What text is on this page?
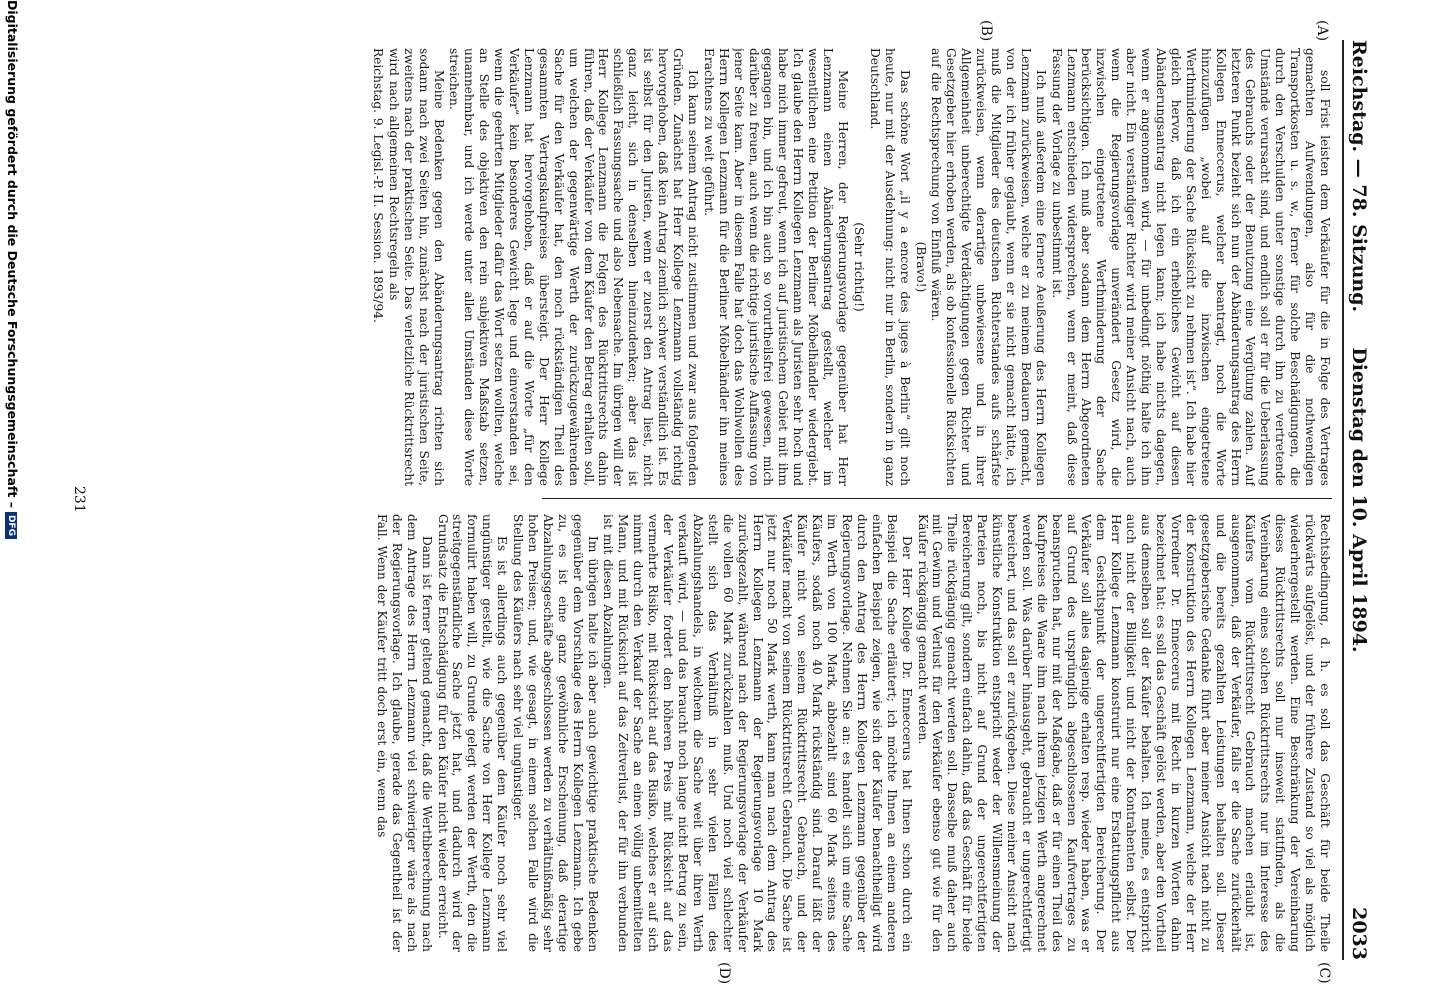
Reichstag. — 78. Sitzung.
Dienstag den 10. April 1894.
2033
(A)
(B)
(C)
(D)

soll Frist leisten dem Verkäufer für die in Folge des Vertrages gemachten Aufwendungen, also für die nothwendigen Transportkosten u. s. w., ferner für solche Beschädigungen, die durch den Verschulden unter sonstige durch ihn zu vertretende Umstände verursacht sind, und endlich soll er für die Ueberlassung des Gebrauchs oder der Benutzung eine Vergütung zahlen. Auf letzteren Punkt bezieht sich nun der Abänderungsantrag des Herrn Kollegen Enneccerus, welcher beantragt, noch die Worte hinzuzufügen „wobei auf die inzwischen eingetretene Werthminderung der Sache Rücksicht zu nehmen ist“. Ich habe hier gleich hervor, daß ich ein erhebliches Gewicht auf diesen Abänderungsantrag nicht legen kann; ich habe nichts dagegen, wenn er angenommen wird, — für unbedingt nöthig halte ich ihn aber nicht. Ein verständiger Richter wird meiner Ansicht nach, auch wenn die Regierungsvorlage unverändert Gesetz wird, die inzwischen eingetretene Werthminderung der Sache berücksichtigen. Ich muß aber sodann dem Herrn Abgeordneten Lenzmann entschieden widersprechen, wenn er meint, daß diese Fassung der Vorlage zu unbestimmt ist.

Ich muß außerdem eine fernere Aeußerung des Herrn Kollegen Lenzmann zurückweisen, welche er zu meinem Bedauern gemacht, von der ich früher geglaubt, wenn er sie nicht gemacht hätte, ich muß die Mitglieder des deutschen Richterstandes aufs schärfste zurückweisen, wenn derartige unbewiesene und in ihrer Allgemeinheit unberechtigte Verdächtigungen gegen Richter und Gesetzgeber hier erhoben werden, als ob konfessionelle Rücksichten auf die Rechtsprechung von Einfluß wären.

(Bravo!)

Das schöne Wort „il y a encore des juges à Berlin“ gilt noch heute, nur mit der Ausdehnung: nicht nur in Berlin, sondern in ganz Deutschland.

(Sehr richtig!)

Meine Herren, der Regierungsvorlage gegenüber hat Herr Lenzmann einen Abänderungsantrag gestellt, welcher im wesentlichen eine Petition der Berliner Möbelhändler wiedergiebt. Ich glaube den Herrn Kollegen Lenzmann als Juristen sehr hoch und habe mich immer gefreut, wenn ich auf juristischem Gebiet mit ihm gegangen bin, und ich bin auch so vorurtheilsfrei gewesen, mich darüber zu freuen, auch wenn die richtige juristische Auffassung von jener Seite kam. Aber in diesem Falle hat doch das Wohlwollen des Herrn Kollegen Lenzmann für die Berliner Möbelhändler ihn meines Erachtens zu weit geführt.

Ich kann seinem Antrag nicht zustimmen und zwar aus folgenden Gründen. Zunächst hat Herr Kollege Lenzmann vollständig richtig hervorgehoben, daß kein Antrag ziemlich schwer verständlich ist. Es ist selbst für den Juristen, wenn er zuerst den Antrag liest, nicht ganz leicht, sich in denselben hineinzudenken; aber das ist schließlich Fassungssache und also Nebensache. Im übrigen will der Herr Kollege Lenzmann die Folgen des Rücktrittsrechts dahin führen, daß der Verkäufer von dem Käufer den Betrag erhalten soll, um welchen der gegenwärtige Werth der zurückzugewährenden Sache für den Verkäufer hat, den noch rückständigen Theil des gesammten Vertragskaufpreises übersteigt. Der Herr Kollege Lenzmann hat hervorgehoben, daß er auf die Worte „für den Verkäufer“ kein besonderes Gewicht lege und einverstanden sei, wenn die geehrten Mitglieder dafür das Wort setzen wollten, welche an Stelle des objektiven den rein subjektiven Maßstab setzen, unannehmbar, und ich werde unter allen Umständen diese Worte streichen.

Meine Bedenken gegen den Abänderungsantrag richten sich sodann nach zwei Seiten hin, zunächst nach der juristischen Seite, zweitens nach der praktischen Seite. Das verletzliche Rücktrittsrecht wird nach allgemeinen Rechtsregeln als

Reichstag. 9. Legisl.-P. II. Session. 1893/94.

Rechtsbedingung, d. h. es soll das Geschäft für beide Theile rückwärts aufgelöst, und der frühere Zustand so viel als möglich wiederhergestellt werden. Eine Beschränkung der Vereinbarung dieses Rücktrittsrechts soll nur insoweit stattfinden, als die Vereinbarung eines solchen Rücktrittsrechts nur im Interesse des Käufers vom Rücktrittsrecht Gebrauch machen erlaubt ist, ausgenommen, daß der Verkäufer, falls er die Sache zurückerhält und die bereits gezahlten Leistungen behalten soll. Dieser gesetzgeberische Gedanke führt aber meiner Ansicht nach nicht zu der Konstruktion des Herrn Kollegen Lenzmann, welche der Herr Vorredner Dr. Enneccerus mit Recht in kurzen Worten dahin bezeichnet hat: es soll das Geschäft gelöst werden, aber den Vortheil aus demselben soll der Käufer behalten. Ich meine, es entspricht auch nicht der Billigkeit und nicht der Kontrahenten selbst. Der Herr Kollege Lenzmann konstruirt nur eine Erstattungspflicht aus dem Gesichtspunkt der ungerechtfertigten Bereicherung. Der Verkäufer soll alles dasjenige erhalten resp. wieder haben, was er auf Grund des ursprünglich abgeschlossenen Kaufvertrages zu beanspruchen hat, nur mit der Maßgabe, daß er für einen Theil des Kaufpreises die Waare ihm nach ihrem jetzigen Werth angerechnet werden soll. Was darüber hinausgeht, gebraucht er ungerechtfertigt bereichert, und das soll er zurückgeben. Diese meiner Ansicht nach künstliche Konstruktion entspricht weder der Willensmeinung der Parteien noch, bis nicht auf Grund der ungerechtfertigten Bereicherung gilt, sondern einfach dahin, daß das Geschäft für beide Theile rückgängig gemacht werden soll. Dasselbe muß daher auch mit Gewinn und Verlust für den Verkäufer ebenso gut wie für den Käufer rückgängig gemacht werden.

Der Herr Kollege Dr. Enneccerus hat Ihnen schon durch ein Beispiel die Sache erläutert; ich möchte Ihnen an einem anderen einfachen Beispiel zeigen, wie sich der Käufer benachtheiligt wird durch den Antrag des Herrn Kollegen Lenzmann gegenüber der Regierungsvorlage. Nehmen Sie an: es handelt sich um eine Sache im Werth von 100 Mark, abbezahlt sind 60 Mark seitens des Käufers, sodaß noch 40 Mark rückständig sind. Darauf läßt der Käufer nicht von seinem Rücktrittsrecht Gebrauch, und der Verkäufer macht von seinem Rücktrittsrecht Gebrauch. Die Sache ist jetzt nur noch 50 Mark werth, kann man nach dem Antrag des Herrn Kollegen Lenzmann der Regierungsvorlage 10 Mark zurückgezahlt, während nach der Regierungsvorlage der Verkäufer die vollen 60 Mark zurückzahlen muß. Und noch viel schlechter stellt sich das Verhältniß in sehr vielen Fällen des Abzahlungshandels, in welchem die Sache weit über ihren Werth verkauft wird, — und das braucht noch lange nicht Betrug zu sein, der Verkäufer fordert den höheren Preis mit Rücksicht auf das vermehrte Risiko, mit Rücksicht auf das Risiko, welches er auf sich nimmt durch den Verkauf der Sache an einen völlig unbemittelten Mann, und mit Rücksicht auf das Zeitverlust, der für ihn verbunden ist mit diesen Abzahlungen.

Im übrigen halte ich aber auch gewichtige praktische Bedenken gegenüber dem Vorschlage des Herrn Kollegen Lenzmann. Ich gebe zu, es ist eine ganz gewöhnliche Erscheinung, daß derartige Abzahlungsgeschäfte abgeschlossen werden zu verhältnißmäßig sehr hohen Preisen; und, wie gesagt, in einem solchen Falle wird die Stellung des Käufers nach sehr viel ungünstiger.

Es ist allerdings auch gegenüber dem Käufer noch sehr viel ungünstiger gestellt, wie die Sache von Herr Kollege Lenzmann formulirt haben will, zu Grunde gelegt werden der Werth, den die streitgegenständliche Sache jetzt hat, und dadurch wird der Grundsatz die Entschädigung für den Käufer nicht wieder erreicht.

Dann ist ferner geltend gemacht, daß die Werthberechnung nach dem Antrage des Herrn Lenzmann viel schwieriger wäre als nach der Regierungsvorlage. Ich glaube, gerade das Gegentheil ist der Fall. Wenn der Käufer tritt doch erst ein, wenn das

231
Digitalisierung gefördert durch die Deutsche Forschungsgemeinschaft –DFG
